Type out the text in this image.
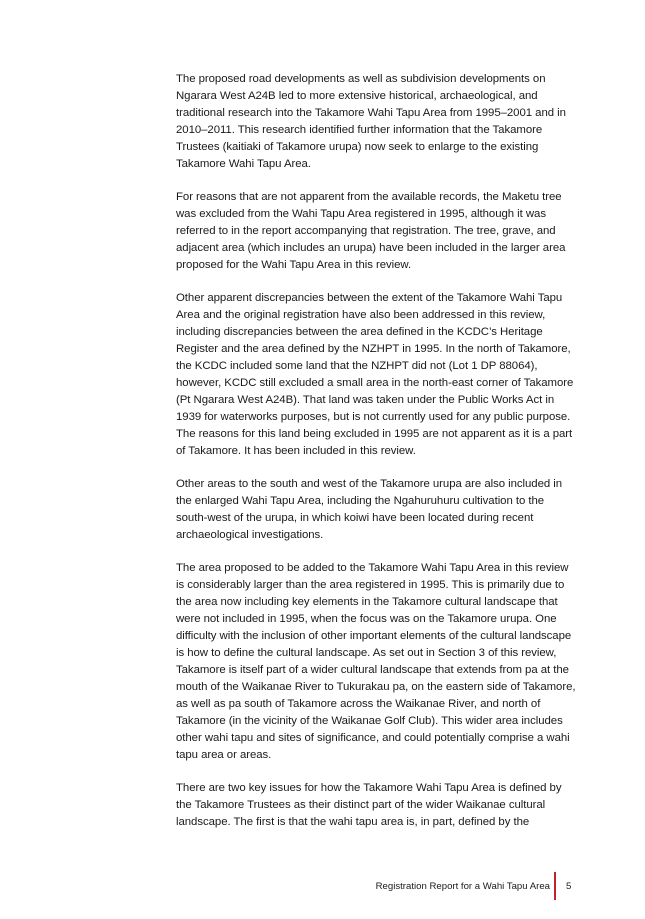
The proposed road developments as well as subdivision developments on Ngarara West A24B led to more extensive historical, archaeological, and traditional research into the Takamore Wahi Tapu Area from 1995–2001 and in 2010–2011. This research identified further information that the Takamore Trustees (kaitiaki of Takamore urupa) now seek to enlarge to the existing Takamore Wahi Tapu Area.

For reasons that are not apparent from the available records, the Maketu tree was excluded from the Wahi Tapu Area registered in 1995, although it was referred to in the report accompanying that registration. The tree, grave, and adjacent area (which includes an urupa) have been included in the larger area proposed for the Wahi Tapu Area in this review.

Other apparent discrepancies between the extent of the Takamore Wahi Tapu Area and the original registration have also been addressed in this review, including discrepancies between the area defined in the KCDC’s Heritage Register and the area defined by the NZHPT in 1995. In the north of Takamore, the KCDC included some land that the NZHPT did not (Lot 1 DP 88064), however, KCDC still excluded a small area in the north-east corner of Takamore (Pt Ngarara West A24B). That land was taken under the Public Works Act in 1939 for waterworks purposes, but is not currently used for any public purpose. The reasons for this land being excluded in 1995 are not apparent as it is a part of Takamore. It has been included in this review.

Other areas to the south and west of the Takamore urupa are also included in the enlarged Wahi Tapu Area, including the Ngahuruhuru cultivation to the south-west of the urupa, in which koiwi have been located during recent archaeological investigations.

The area proposed to be added to the Takamore Wahi Tapu Area in this review is considerably larger than the area registered in 1995. This is primarily due to the area now including key elements in the Takamore cultural landscape that were not included in 1995, when the focus was on the Takamore urupa. One difficulty with the inclusion of other important elements of the cultural landscape is how to define the cultural landscape. As set out in Section 3 of this review, Takamore is itself part of a wider cultural landscape that extends from pa at the mouth of the Waikanae River to Tukurakau pa, on the eastern side of Takamore, as well as pa south of Takamore across the Waikanae River, and north of Takamore (in the vicinity of the Waikanae Golf Club). This wider area includes other wahi tapu and sites of significance, and could potentially comprise a wahi tapu area or areas.

There are two key issues for how the Takamore Wahi Tapu Area is defined by the Takamore Trustees as their distinct part of the wider Waikanae cultural landscape. The first is that the wahi tapu area is, in part, defined by the

Registration Report for a Wahi Tapu Area 5
